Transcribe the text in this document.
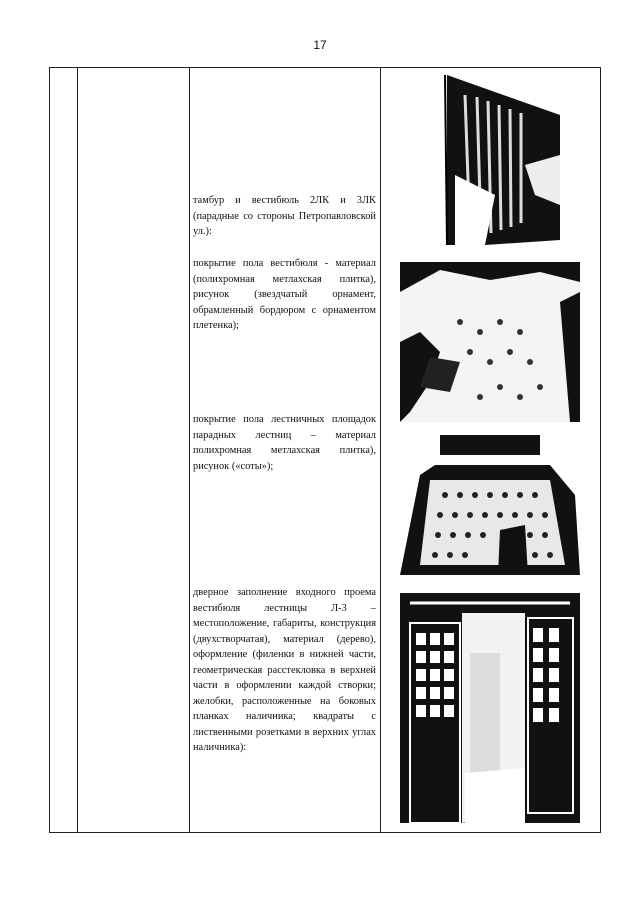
17
тамбур и вестибюль 2ЛК и 3ЛК (парадные со стороны Петропавловской ул.):
покрытие пола вестибюля - материал (полихромная метлахская плитка), рисунок (звездчатый орнамент, обрамленный бордюром с орнаментом плетенка);
покрытие пола лестничных площадок парадных лестниц – материал полихромная метлахская плитка), рисунок («соты»);
дверное заполнение входного проема вестибюля лестницы Л-3 – местоположение, габариты, конструкция (двухстворчатая), материал (дерево), оформление (филенки в нижней части, геометрическая расстекловка в верхней части в оформлении каждой створки; желобки, расположенные на боковых планках наличника; квадраты с лиственными розетками в верхних углах наличника):
